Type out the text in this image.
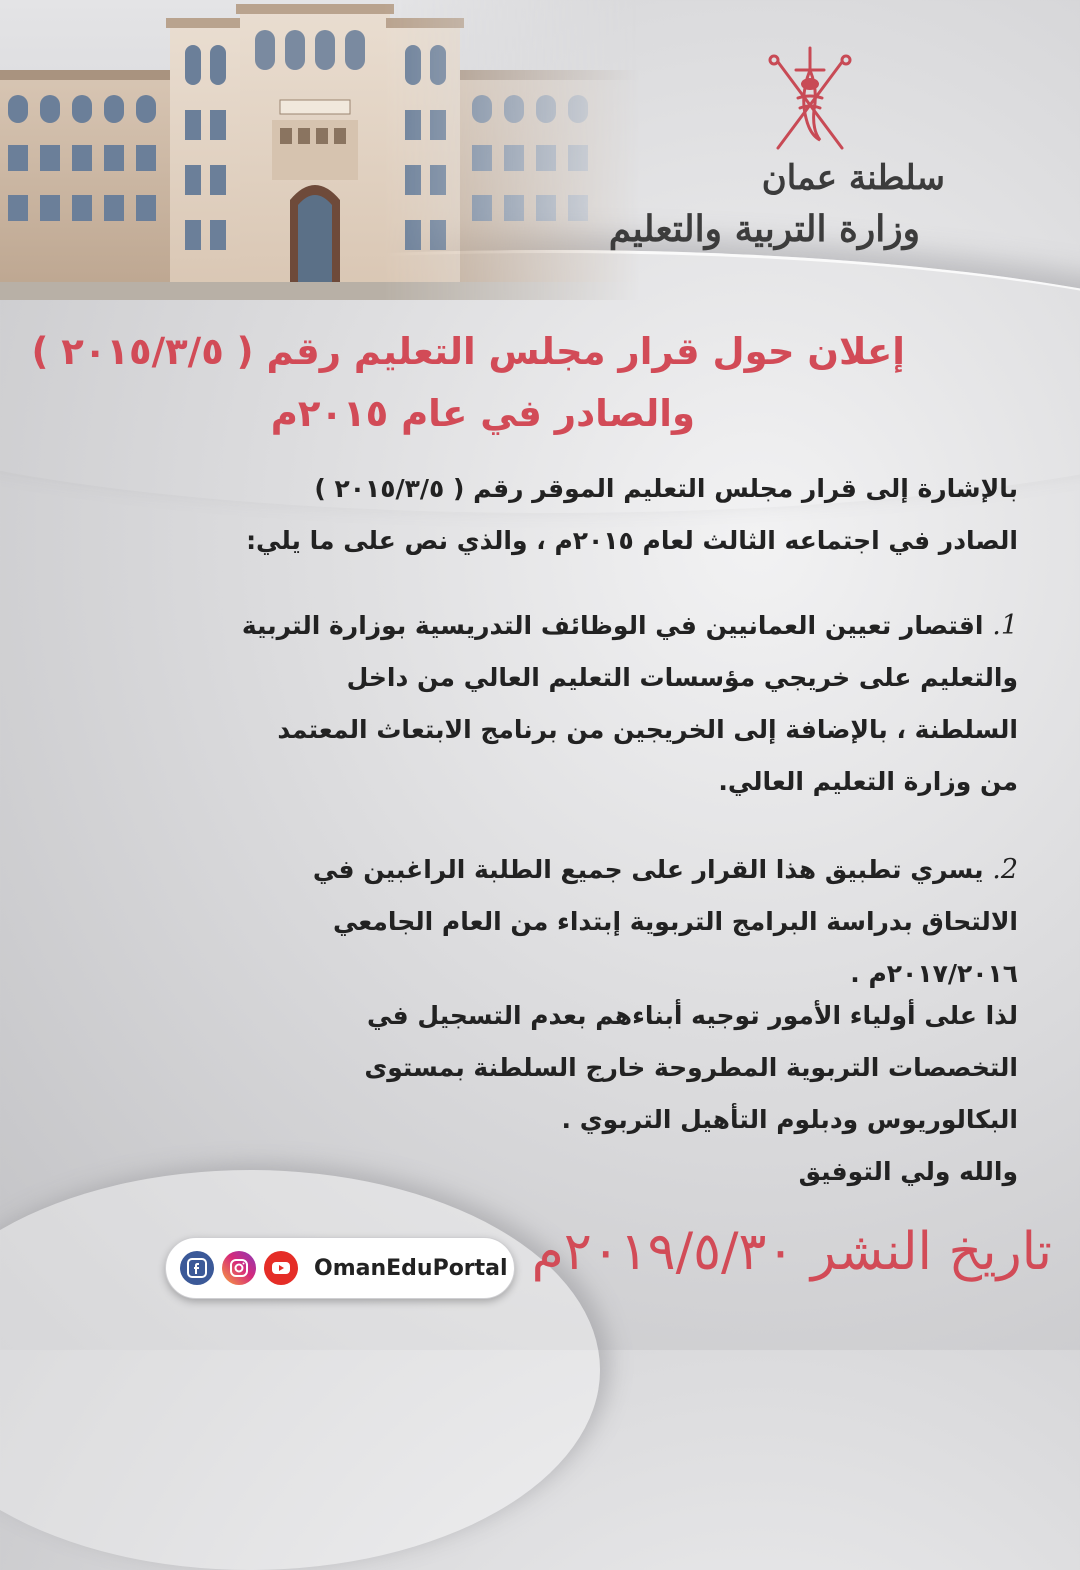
سلطنة عمان
وزارة التربية والتعليم
إعلان حول قرار مجلس التعليم رقم ( ٢٠١٥/٣/٥ )
والصادر في عام ٢٠١٥م

بالإشارة إلى قرار مجلس التعليم الموقر رقم ( ٢٠١٥/٣/٥ ) الصادر في اجتماعه الثالث لعام ٢٠١٥م ، والذي نص على ما يلي:

1. اقتصار تعيين العمانيين في الوظائف التدريسية بوزارة التربية والتعليم على خريجي مؤسسات التعليم العالي من داخل السلطنة ، بالإضافة إلى الخريجين من برنامج الابتعاث المعتمد من وزارة التعليم العالي.

2. يسري تطبيق هذا القرار على جميع الطلبة الراغبين في الالتحاق بدراسة البرامج التربوية إبتداء من العام الجامعي ٢٠١٧/٢٠١٦م .

لذا على أولياء الأمور توجيه أبناءهم بعدم التسجيل في التخصصات التربوية المطروحة خارج السلطنة بمستوى البكالوريوس ودبلوم التأهيل التربوي .
والله ولي التوفيق
OmanEduPortal تاريخ النشر ٢٠١٩/٥/٣٠م
